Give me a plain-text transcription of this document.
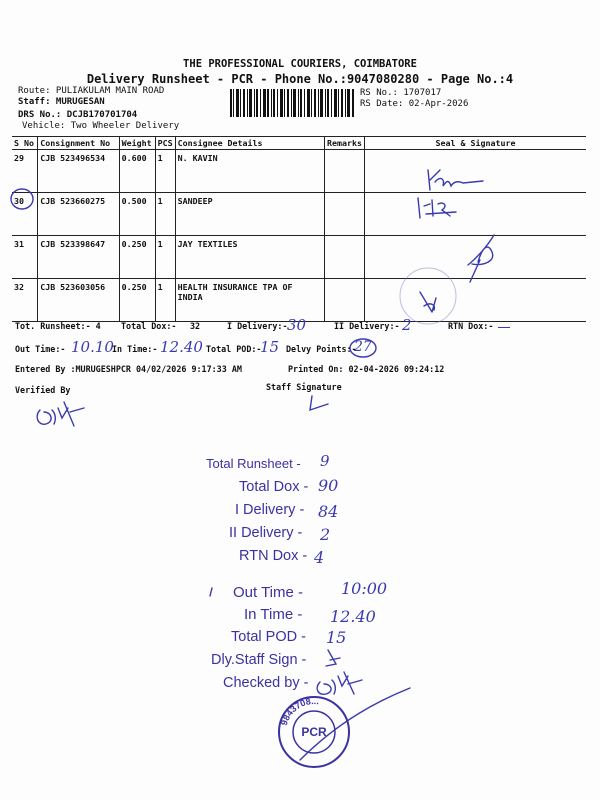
THE PROFESSIONAL COURIERS, COIMBATORE
Delivery Runsheet - PCR - Phone No.:9047080280 - Page No.:4
Route: PULIAKULAM MAIN ROAD
Staff: MURUGESAN
DRS No.: DCJB170701704
Vehicle: Two Wheeler Delivery
RS No.: 1707017
RS Date: 02-Apr-2026
S No	Consignment No	Weight	PCS	Consignee Details	Remarks	Seal & Signature
29	CJB 523496534	0.600	1	N. KAVIN		
30	CJB 523660275	0.500	1	SANDEEP		
31	CJB 523398647	0.250	1	JAY TEXTILES		
32	CJB 523603056	0.250	1	HEALTH INSURANCE TPA OF INDIA		
Tot. Runsheet:- 4 Total Dox:- 32	I Delivery:- 30	II Delivery:- 2	RTN Dox:-
Out Time:- 10.10
In Time:- 12.40 Total POD:-
15 Delvy Points:-
27
Entered By :MURUGESHPCR 04/02/2026 9:17:33 AM	Printed On: 02-04-2026 09:24:12
Verified By	Staff Signature
Total Runsheet - 9
Total Dox - 90
I Delivery - 84
II Delivery - 2
RTN Dox - 4
Out Time - 10:00
In Time - 12.40
Total POD - 15
Dly.Staff Sign -
Checked by -
9843708...
PCR
